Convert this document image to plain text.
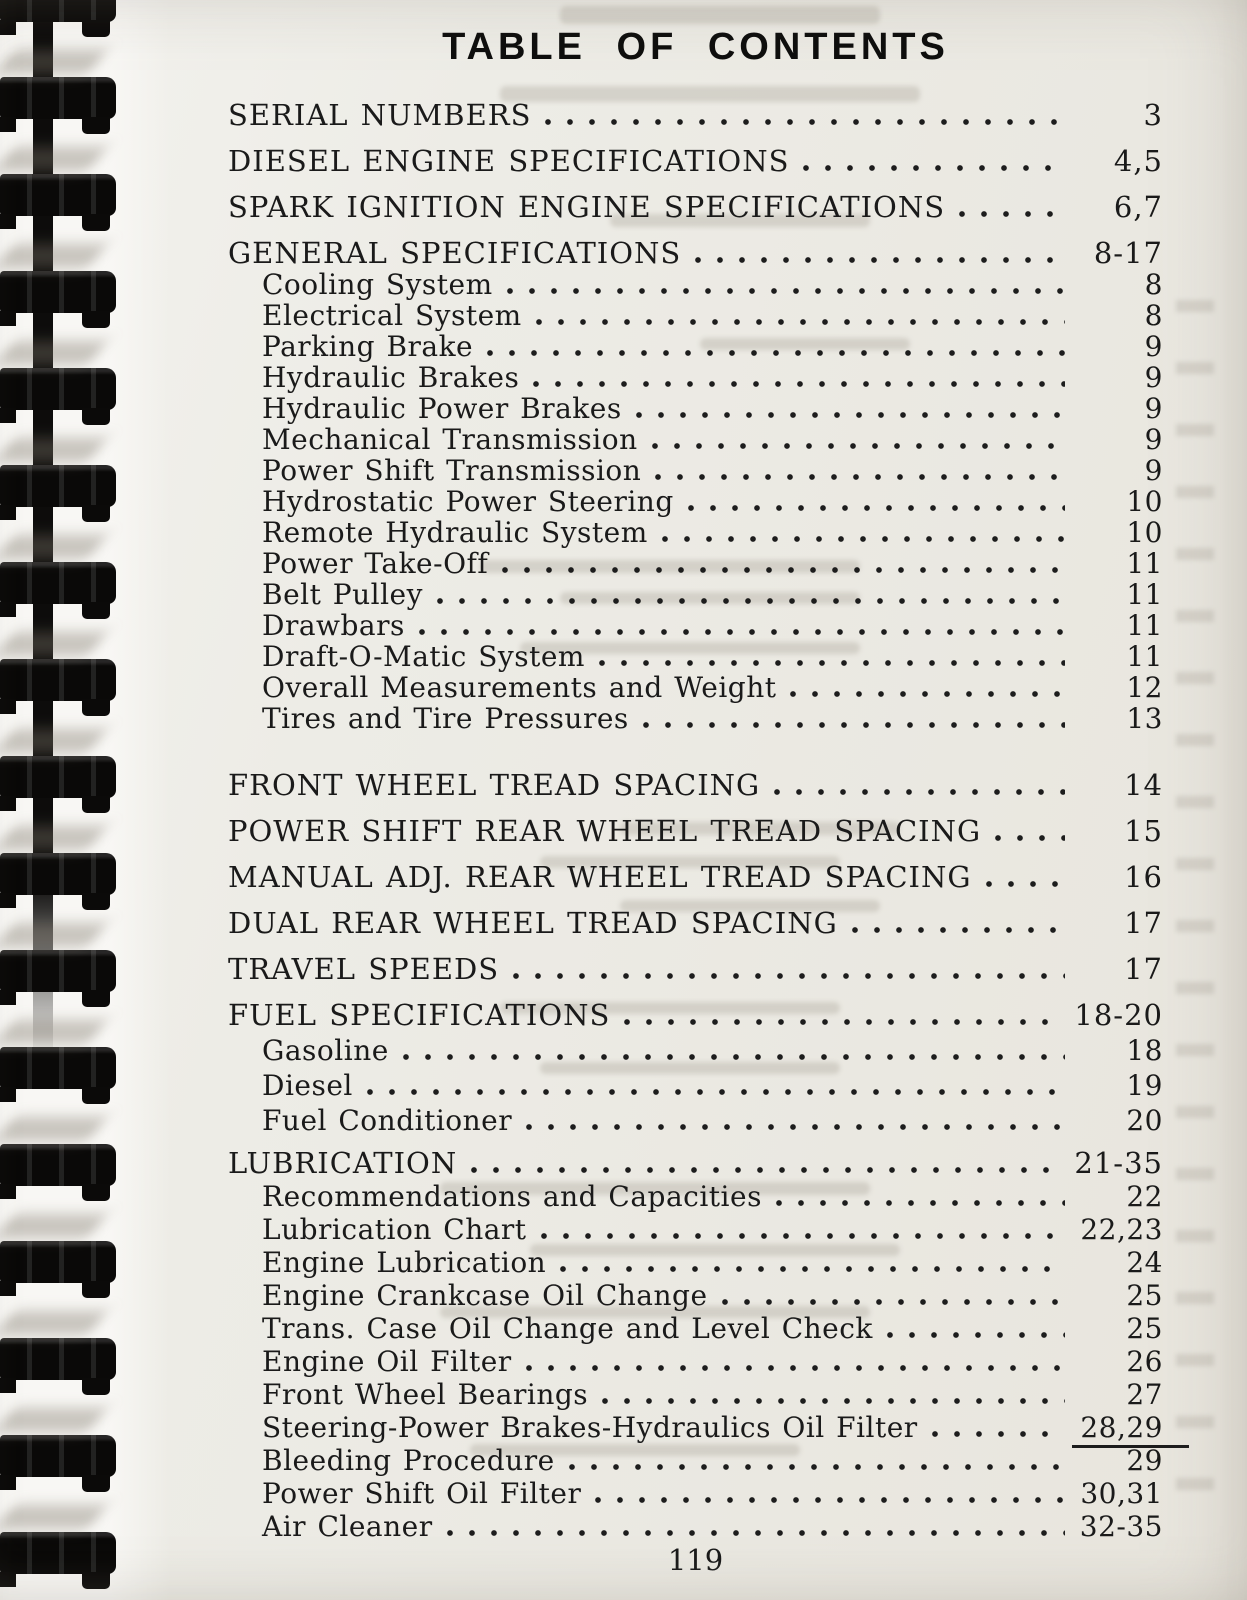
TABLE OF CONTENTS
SERIAL NUMBERS	3
DIESEL ENGINE SPECIFICATIONS	4,5
SPARK IGNITION ENGINE SPECIFICATIONS	6,7
GENERAL SPECIFICATIONS	8-17
Cooling System	8
Electrical System	8
Parking Brake	9
Hydraulic Brakes	9
Hydraulic Power Brakes	9
Mechanical Transmission	9
Power Shift Transmission	9
Hydrostatic Power Steering	10
Remote Hydraulic System	10
Power Take-Off	11
Belt Pulley	11
Drawbars	11
Draft-O-Matic System	11
Overall Measurements and Weight	12
Tires and Tire Pressures	13
FRONT WHEEL TREAD SPACING	14
POWER SHIFT REAR WHEEL TREAD SPACING	15
MANUAL ADJ. REAR WHEEL TREAD SPACING	16
DUAL REAR WHEEL TREAD SPACING	17
TRAVEL SPEEDS	17
FUEL SPECIFICATIONS	18-20
Gasoline	18
Diesel	19
Fuel Conditioner	20
LUBRICATION	21-35
Recommendations and Capacities	22
Lubrication Chart	22,23
Engine Lubrication	24
Engine Crankcase Oil Change	25
Trans. Case Oil Change and Level Check	25
Engine Oil Filter	26
Front Wheel Bearings	27
Steering-Power Brakes-Hydraulics Oil Filter	28,29
Bleeding Procedure	29
Power Shift Oil Filter	30,31
Air Cleaner	32-35
119
